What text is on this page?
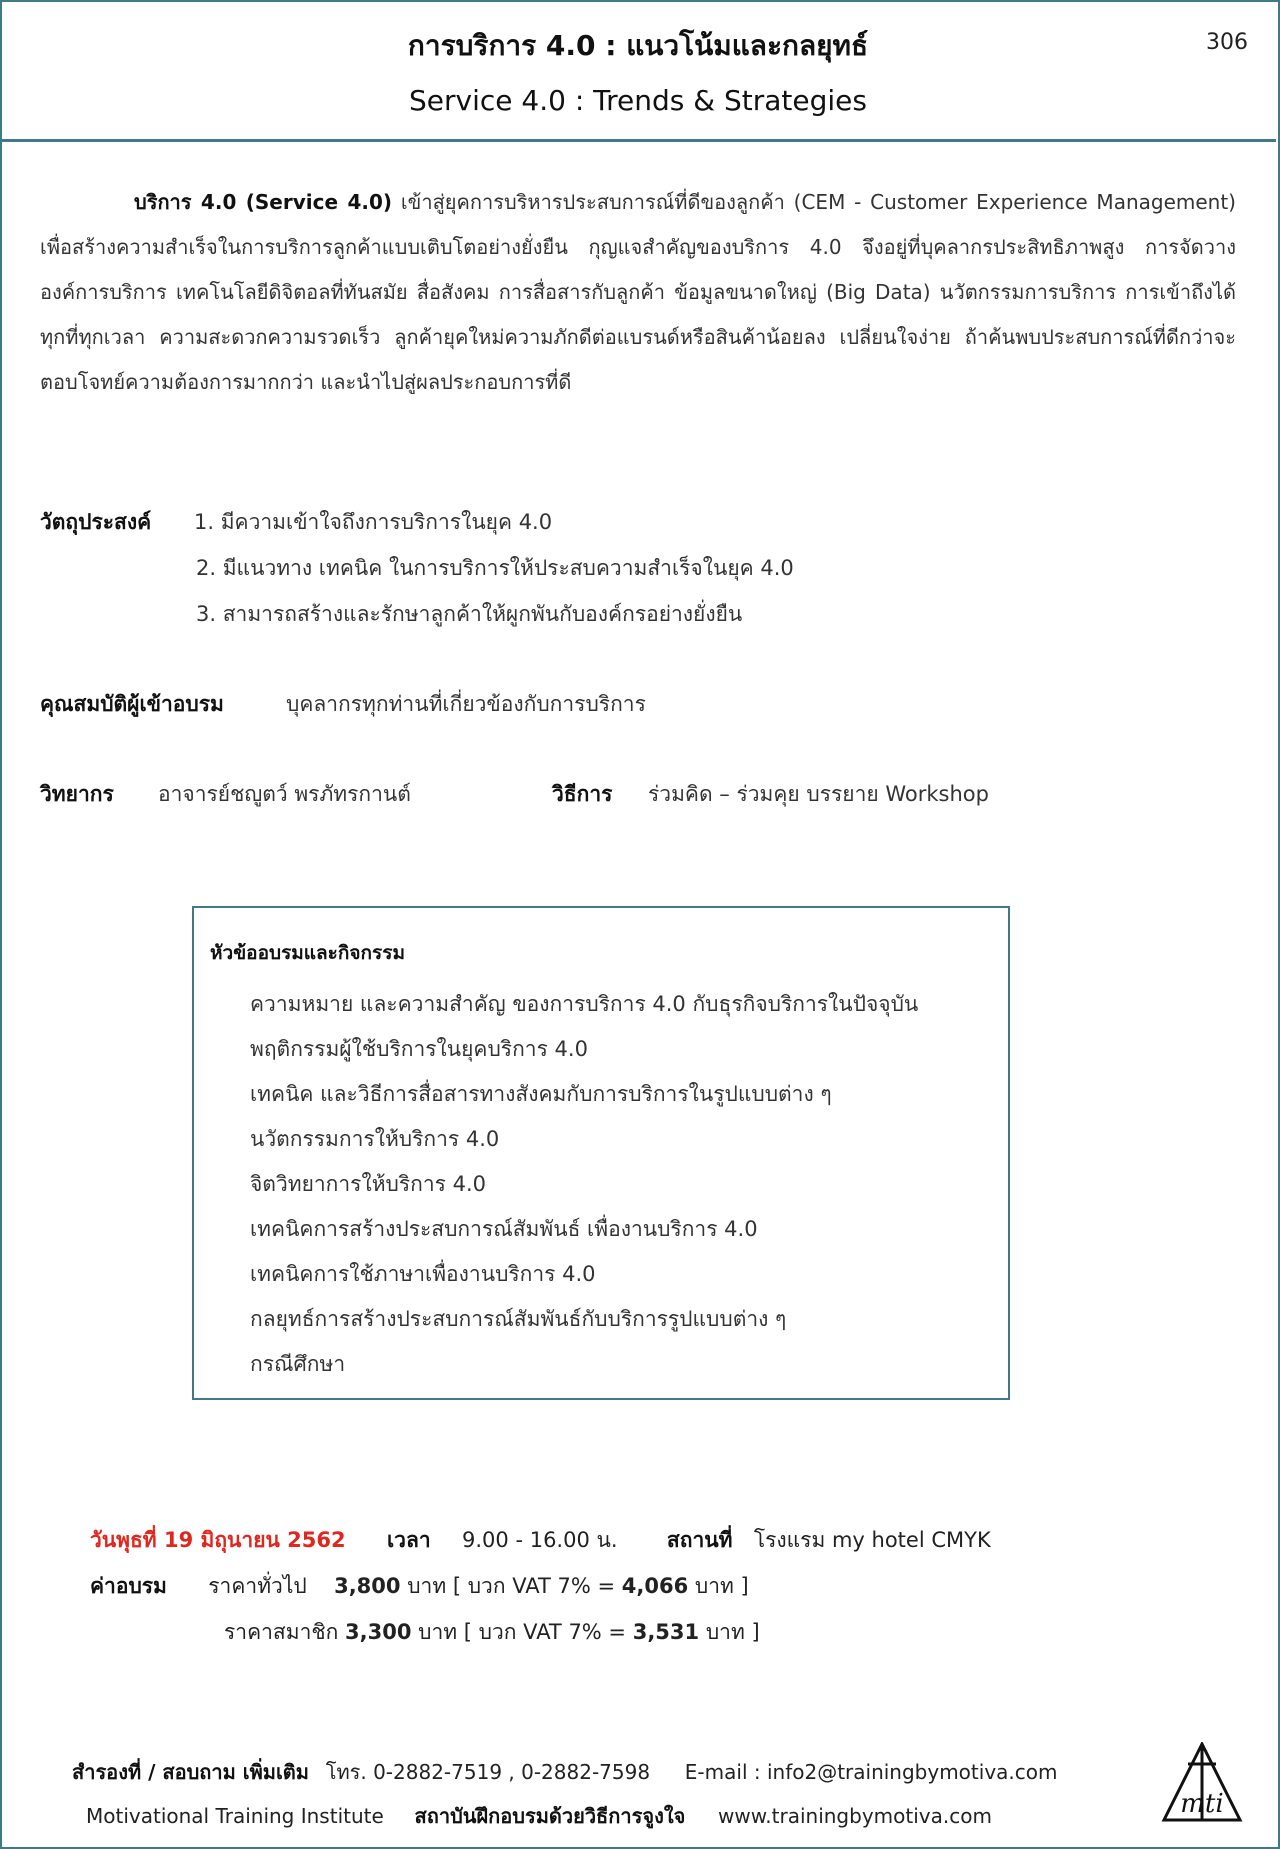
การบริการ 4.0 : แนวโน้มและกลยุทธ์
Service 4.0 : Trends & Strategies
306
บริการ 4.0 (Service 4.0) เข้าสู่ยุคการบริหารประสบการณ์ที่ดีของลูกค้า (CEM - Customer Experience Management) เพื่อสร้างความสำเร็จในการบริการลูกค้าแบบเติบโตอย่างยั่งยืน กุญแจสำคัญของบริการ 4.0 จึงอยู่ที่บุคลากรประสิทธิภาพสูง การจัดวางองค์การบริการ เทคโนโลยีดิจิตอลที่ทันสมัย สื่อสังคม การสื่อสารกับลูกค้า ข้อมูลขนาดใหญ่ (Big Data) นวัตกรรมการบริการ การเข้าถึงได้ทุกที่ทุกเวลา ความสะดวกความรวดเร็ว ลูกค้ายุคใหม่ความภักดีต่อแบรนด์หรือสินค้าน้อยลง เปลี่ยนใจง่าย ถ้าค้นพบประสบการณ์ที่ดีกว่าจะตอบโจทย์ความต้องการมากกว่า และนำไปสู่ผลประกอบการที่ดี
วัตถุประสงค์ 1. มีความเข้าใจถึงการบริการในยุค 4.0
2. มีแนวทาง เทคนิค ในการบริการให้ประสบความสำเร็จในยุค 4.0
3. สามารถสร้างและรักษาลูกค้าให้ผูกพันกับองค์กรอย่างยั่งยืน
คุณสมบัติผู้เข้าอบรม	บุคลากรทุกท่านที่เกี่ยวข้องกับการบริการ
วิทยากร อาจารย์ชญูตว์ พรภัทรกานต์	วิธีการ ร่วมคิด – ร่วมคุย บรรยาย Workshop
หัวข้ออบรมและกิจกรรม
ความหมาย และความสำคัญ ของการบริการ 4.0 กับธุรกิจบริการในปัจจุบัน
พฤติกรรมผู้ใช้บริการในยุคบริการ 4.0
เทคนิค และวิธีการสื่อสารทางสังคมกับการบริการในรูปแบบต่าง ๆ
นวัตกรรมการให้บริการ 4.0
จิตวิทยาการให้บริการ 4.0
เทคนิคการสร้างประสบการณ์สัมพันธ์ เพื่องานบริการ 4.0
เทคนิคการใช้ภาษาเพื่องานบริการ 4.0
กลยุทธ์การสร้างประสบการณ์สัมพันธ์กับบริการรูปแบบต่าง ๆ
กรณีศึกษา
วันพุธที่ 19 มิถุนายน 2562 เวลา 9.00 - 16.00 น. สถานที่ โรงแรม my hotel CMYK
ค่าอบรม ราคาทั่วไป 3,800 บาท [ บวก VAT 7% = 4,066 บาท ]
ราคาสมาชิก 3,300 บาท [ บวก VAT 7% = 3,531 บาท ]
สำรองที่ / สอบถาม เพิ่มเติม โทร. 0-2882-7519 , 0-2882-7598 E-mail : info2@trainingbymotiva.com
Motivational Training Institute สถาบันฝึกอบรมด้วยวิธีการจูงใจ www.trainingbymotiva.com	mti
